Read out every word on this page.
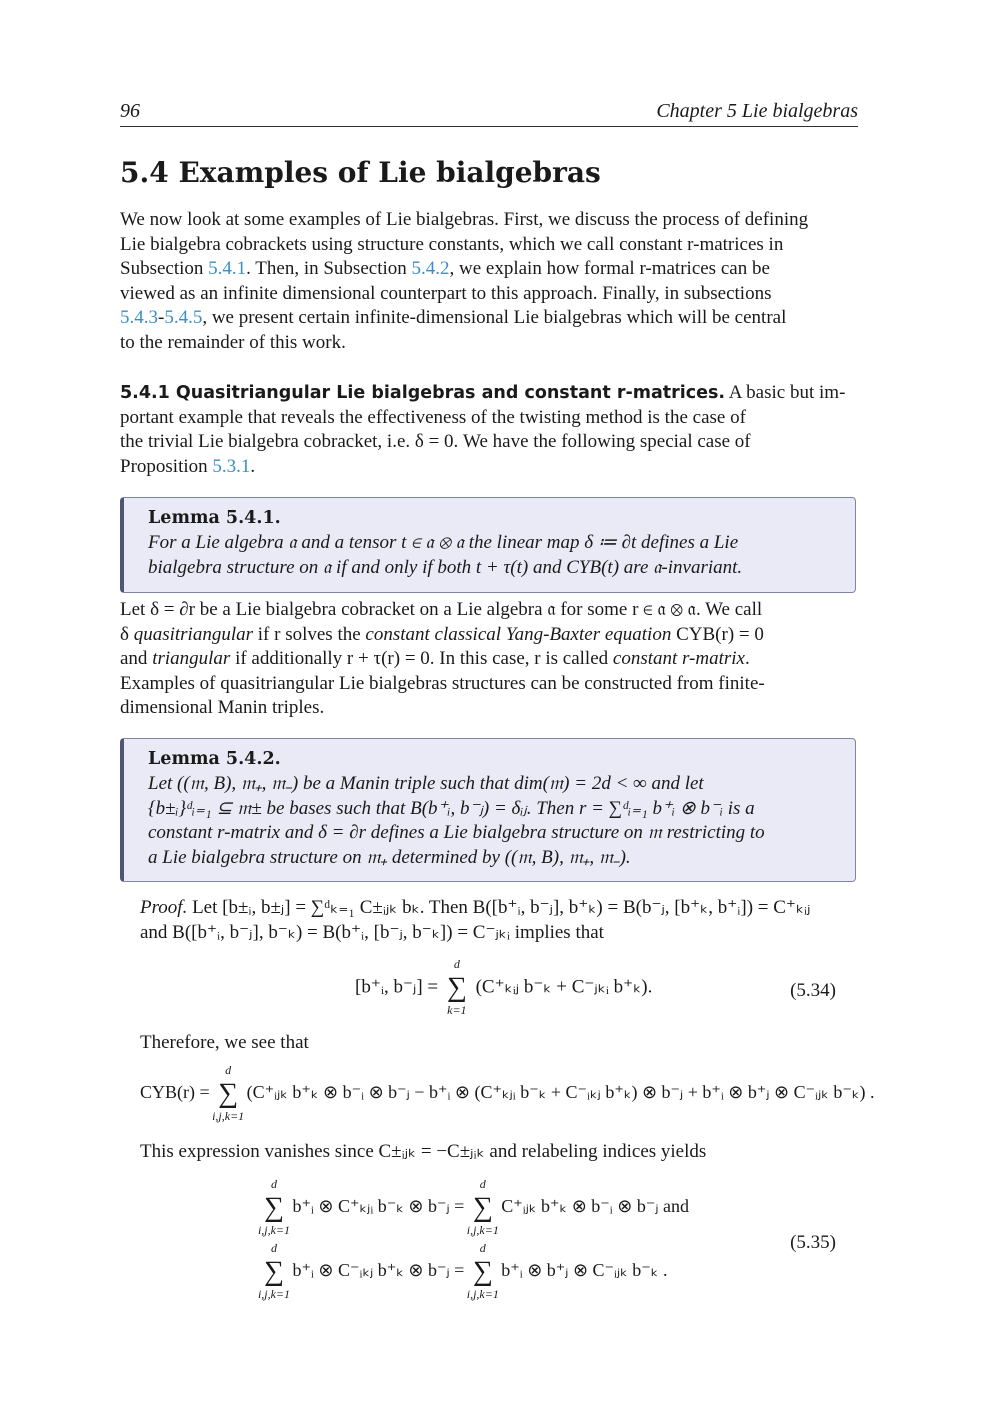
96	Chapter 5 Lie bialgebras
5.4 Examples of Lie bialgebras
We now look at some examples of Lie bialgebras. First, we discuss the process of defining
Lie bialgebra cobrackets using structure constants, which we call constant r-matrices in
Subsection 5.4.1. Then, in Subsection 5.4.2, we explain how formal r-matrices can be
viewed as an infinite dimensional counterpart to this approach. Finally, in subsections
5.4.3-5.4.5, we present certain infinite-dimensional Lie bialgebras which will be central
to the remainder of this work.
5.4.1 Quasitriangular Lie bialgebras and constant r-matrices. A basic but im-
portant example that reveals the effectiveness of the twisting method is the case of
the trivial Lie bialgebra cobracket, i.e. δ = 0. We have the following special case of
Proposition 5.3.1.
Lemma 5.4.1.
For a Lie algebra 𝔞 and a tensor t ∈ 𝔞 ⊗ 𝔞 the linear map δ ≔ ∂t defines a Lie
bialgebra structure on 𝔞 if and only if both t + τ(t) and CYB(t) are 𝔞-invariant.
Let δ = ∂r be a Lie bialgebra cobracket on a Lie algebra 𝔞 for some r ∈ 𝔞 ⊗ 𝔞. We call
δ quasitriangular if r solves the constant classical Yang-Baxter equation CYB(r) = 0
and triangular if additionally r + τ(r) = 0. In this case, r is called constant r-matrix.
Examples of quasitriangular Lie bialgebras structures can be constructed from finite-
dimensional Manin triples.
Lemma 5.4.2.
Let ((𝔪, B), 𝔪₊, 𝔪₋) be a Manin triple such that dim(𝔪) = 2d < ∞ and let
{b±ᵢ}ᵈᵢ₌₁ ⊆ 𝔪± be bases such that B(b⁺ᵢ, b⁻ⱼ) = δᵢⱼ. Then r = ∑ᵈᵢ₌₁ b⁺ᵢ ⊗ b⁻ᵢ is a
constant r-matrix and δ = ∂r defines a Lie bialgebra structure on 𝔪 restricting to
a Lie bialgebra structure on 𝔪₊ determined by ((𝔪, B), 𝔪₊, 𝔪₋).
Proof. Let [b±ᵢ, b±ⱼ] = ∑ᵈₖ₌₁ C±ᵢⱼₖ bₖ. Then B([b⁺ᵢ, b⁻ⱼ], b⁺ₖ) = B(b⁻ⱼ, [b⁺ₖ, b⁺ᵢ]) = C⁺ₖᵢⱼ
and B([b⁺ᵢ, b⁻ⱼ], b⁻ₖ) = B(b⁺ᵢ, [b⁻ⱼ, b⁻ₖ]) = C⁻ⱼₖᵢ implies that
[b⁺ᵢ, b⁻ⱼ] = ∑
d
k=1
(C⁺ₖᵢⱼ b⁻ₖ + C⁻ⱼₖᵢ b⁺ₖ).	(5.34)
Therefore, we see that
CYB(r) = ∑
d
i,j,k=1
(C⁺ᵢⱼₖ b⁺ₖ ⊗ b⁻ᵢ ⊗ b⁻ⱼ − b⁺ᵢ ⊗ (C⁺ₖⱼᵢ b⁻ₖ + C⁻ᵢₖⱼ b⁺ₖ) ⊗ b⁻ⱼ + b⁺ᵢ ⊗ b⁺ⱼ ⊗ C⁻ᵢⱼₖ b⁻ₖ) .
This expression vanishes since C±ᵢⱼₖ = −C±ⱼᵢₖ and relabeling indices yields
∑
d
i,j,k=1
b⁺ᵢ ⊗ C⁺ₖⱼᵢ b⁻ₖ ⊗ b⁻ⱼ = ∑
d
i,j,k=1
C⁺ᵢⱼₖ b⁺ₖ ⊗ b⁻ᵢ ⊗ b⁻ⱼ and
∑
d
i,j,k=1
b⁺ᵢ ⊗ C⁻ᵢₖⱼ b⁺ₖ ⊗ b⁻ⱼ = ∑
d
i,j,k=1
b⁺ᵢ ⊗ b⁺ⱼ ⊗ C⁻ᵢⱼₖ b⁻ₖ .
(5.35)
